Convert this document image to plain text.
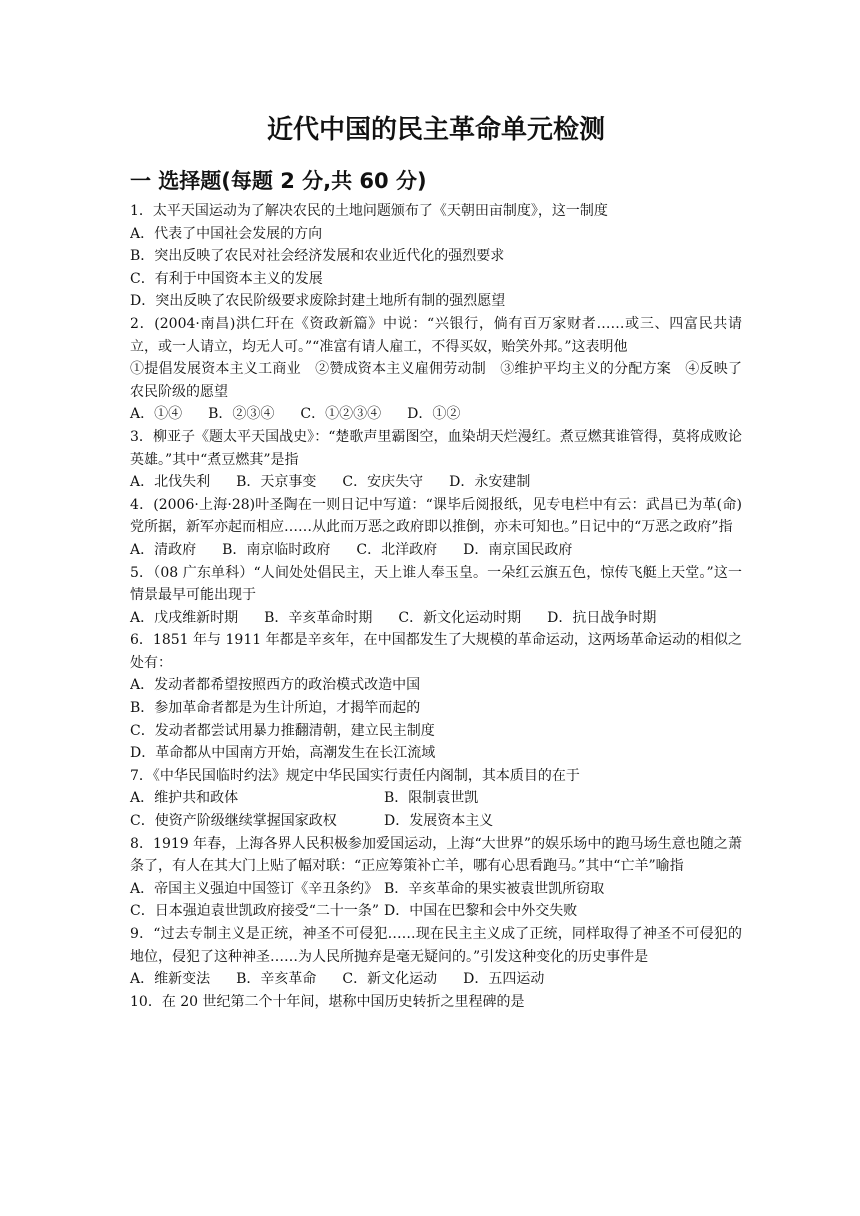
近代中国的民主革命单元检测
一 选择题(每题 2 分,共 60 分)
1．太平天国运动为了解决农民的土地问题颁布了《天朝田亩制度》，这一制度
A．代表了中国社会发展的方向
B．突出反映了农民对社会经济发展和农业近代化的强烈要求
C．有利于中国资本主义的发展
D．突出反映了农民阶级要求废除封建土地所有制的强烈愿望
2．(2004·南昌)洪仁玕在《资政新篇》中说：“兴银行，倘有百万家财者……或三、四富民共请立，或一人请立，均无人可。”“准富有请人雇工，不得买奴，贻笑外邦。”这表明他
①提倡发展资本主义工商业　②赞成资本主义雇佣劳动制　③维护平均主义的分配方案　④反映了农民阶级的愿望
A．①④ B．②③④ C．①②③④ D．①②
3．柳亚子《题太平天国战史》：“楚歌声里霸图空，血染胡天烂漫红。煮豆燃萁谁管得，莫将成败论英雄。”其中“煮豆燃萁”是指
A．北伐失利 B．天京事变 C．安庆失守 D．永安建制
4．(2006·上海·28)叶圣陶在一则日记中写道：“课毕后阅报纸，见专电栏中有云：武昌已为革(命)党所据，新军亦起而相应……从此而万恶之政府即以推倒，亦未可知也。”日记中的“万恶之政府”指
A．清政府 B．南京临时政府 C．北洋政府 D．南京国民政府
5．（08 广东单科）“人间处处倡民主，天上谁人奉玉皇。一朵红云旗五色，惊传飞艇上天堂。”这一情景最早可能出现于
A．戊戌维新时期 B．辛亥革命时期 C．新文化运动时期 D．抗日战争时期
6．1851 年与 1911 年都是辛亥年，在中国都发生了大规模的革命运动，这两场革命运动的相似之处有：
A．发动者都希望按照西方的政治模式改造中国
B．参加革命者都是为生计所迫，才揭竿而起的
C．发动者都尝试用暴力推翻清朝，建立民主制度
D．革命都从中国南方开始，高潮发生在长江流域
7．《中华民国临时约法》规定中华民国实行责任内阁制，其本质目的在于
A．维护共和政体	B．限制袁世凯
C．使资产阶级继续掌握国家政权	D．发展资本主义
8．1919 年春，上海各界人民积极参加爱国运动，上海“大世界”的娱乐场中的跑马场生意也随之萧条了，有人在其大门上贴了幅对联：“正应筹策补亡羊，哪有心思看跑马。”其中“亡羊”喻指
A．帝国主义强迫中国签订《辛丑条约》 B．辛亥革命的果实被袁世凯所窃取
C．日本强迫袁世凯政府接受“二十一条” D．中国在巴黎和会中外交失败
9．“过去专制主义是正统，神圣不可侵犯……现在民主主义成了正统，同样取得了神圣不可侵犯的地位，侵犯了这种神圣……为人民所抛弃是毫无疑问的。”引发这种变化的历史事件是
A．维新变法 B．辛亥革命 C．新文化运动 D．五四运动
10．在 20 世纪第二个十年间，堪称中国历史转折之里程碑的是
